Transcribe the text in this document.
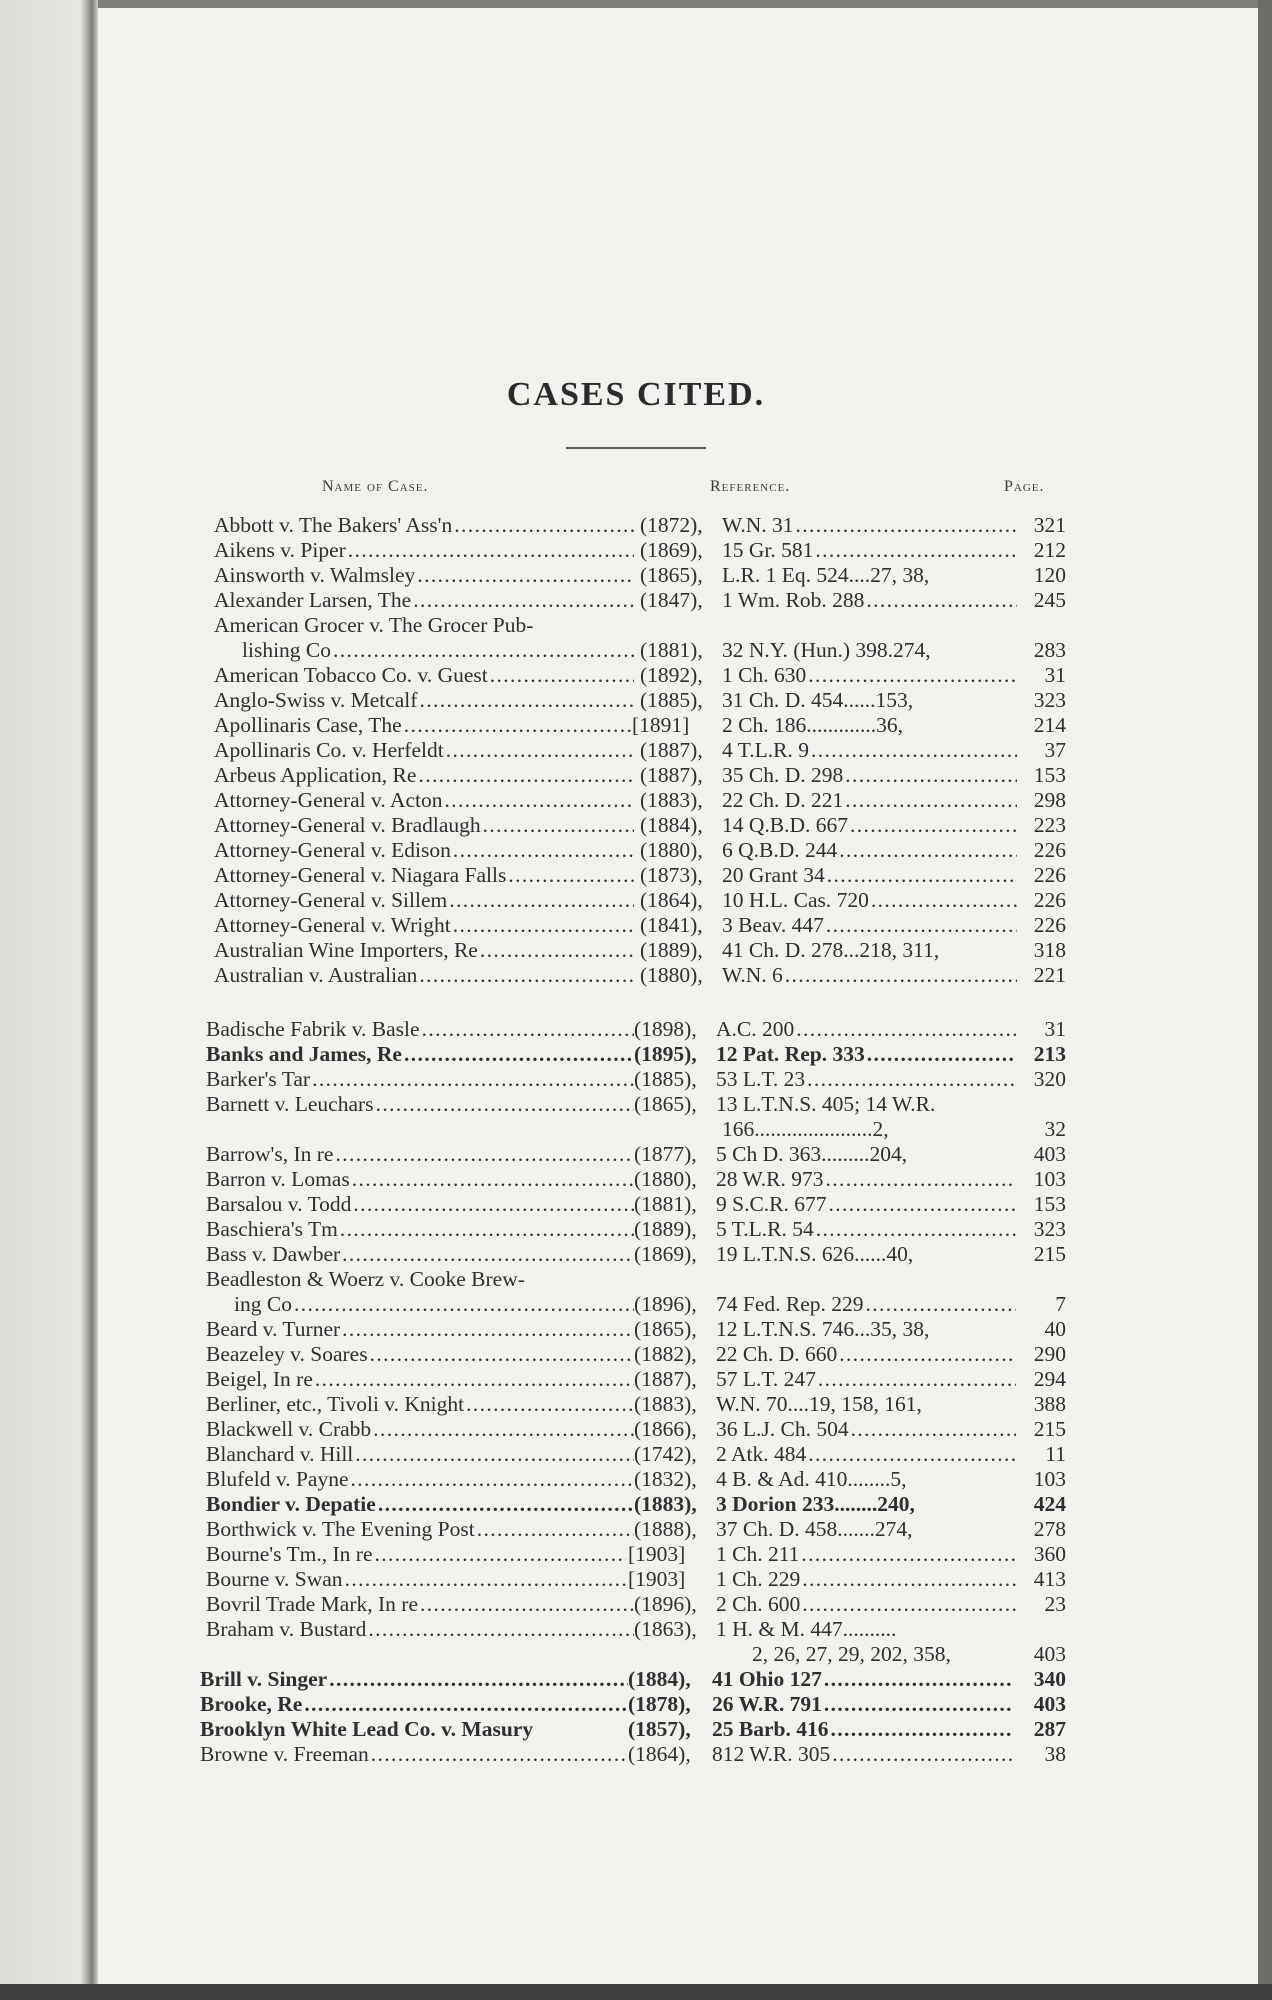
CASES CITED.
Name of Case.	Reference.	Page.
Abbott v. The Bakers' Ass'n . . .	(1872), W.N. 31 . . .	321
Aikens v. Piper . . .	(1869), 15 Gr. 581 . . .	212
Ainsworth v. Walmsley . . .	(1865), L.R. 1 Eq. 524....27, 38,	120
Alexander Larsen, The . . .	(1847), 1 Wm. Rob. 288 . . .	245
American Grocer v. The Grocer Pub-
lishing Co . . .	(1881), 32 N.Y. (Hun.) 398.274,	283
American Tobacco Co. v. Guest . . .	(1892), 1 Ch. 630 . . .	31
Anglo-Swiss v. Metcalf . . .	(1885), 31 Ch. D. 454......153,	323
Apollinaris Case, The . . .	[1891] 2 Ch. 186.............36,	214
Apollinaris Co. v. Herfeldt . . .	(1887), 4 T.L.R. 9 . . .	37
Arbeus Application, Re . . .	(1887), 35 Ch. D. 298 . . .	153
Attorney-General v. Acton . . .	(1883), 22 Ch. D. 221 . . .	298
Attorney-General v. Bradlaugh . . .	(1884), 14 Q.B.D. 667 . . .	223
Attorney-General v. Edison . . .	(1880), 6 Q.B.D. 244 . . .	226
Attorney-General v. Niagara Falls . . .	(1873), 20 Grant 34 . . .	226
Attorney-General v. Sillem . . .	(1864), 10 H.L. Cas. 720 . . .	226
Attorney-General v. Wright . . .	(1841), 3 Beav. 447 . . .	226
Australian Wine Importers, Re . . .	(1889), 41 Ch. D. 278...218, 311,	318
Australian v. Australian . . .	(1880), W.N. 6 . . .	221
Badische Fabrik v. Basle . . .	(1898), A.C. 200 . . .	31
Banks and James, Re . . .	(1895), 12 Pat. Rep. 333 . . .	213
Barker's Tar . . .	(1885), 53 L.T. 23 . . .	320
Barnett v. Leuchars . . .	(1865), 13 L.T.N.S. 405; 14 W.R.
166......................2,	32
Barrow's, In re . . .	(1877), 5 Ch D. 363.........204,	403
Barron v. Lomas . . .	(1880), 28 W.R. 973 . . .	103
Barsalou v. Todd . . .	(1881), 9 S.C.R. 677 . . .	153
Baschiera's Tm . . .	(1889), 5 T.L.R. 54 . . .	323
Bass v. Dawber . . .	(1869), 19 L.T.N.S. 626......40,	215
Beadleston & Woerz v. Cooke Brew-
ing Co . . .	(1896), 74 Fed. Rep. 229 . . .	7
Beard v. Turner . . .	(1865), 12 L.T.N.S. 746...35, 38,	40
Beazeley v. Soares . . .	(1882), 22 Ch. D. 660 . . .	290
Beigel, In re . . .	(1887), 57 L.T. 247 . . .	294
Berliner, etc., Tivoli v. Knight . . .	(1883), W.N. 70....19, 158, 161,	388
Blackwell v. Crabb . . .	(1866), 36 L.J. Ch. 504 . . .	215
Blanchard v. Hill . . .	(1742), 2 Atk. 484 . . .	11
Blufeld v. Payne . . .	(1832), 4 B. & Ad. 410........5,	103
Bondier v. Depatie . . .	(1883), 3 Dorion 233........240,	424
Borthwick v. The Evening Post . . .	(1888), 37 Ch. D. 458.......274,	278
Bourne's Tm., In re . . .	[1903] 1 Ch. 211 . . .	360
Bourne v. Swan . . .	[1903] 1 Ch. 229 . . .	413
Bovril Trade Mark, In re . . .	(1896), 2 Ch. 600 . . .	23
Braham v. Bustard . . .	(1863), 1 H. & M. 447..........
2, 26, 27, 29, 202, 358,	403
Brill v. Singer . . .	(1884), 41 Ohio 127 . . .	340
Brooke, Re . . .	(1878), 26 W.R. 791 . . .	403
Brooklyn White Lead Co. v. Masury	(1857), 25 Barb. 416 . . .	287
Browne v. Freeman . . .	(1864), 812 W.R. 305 . . .	38
